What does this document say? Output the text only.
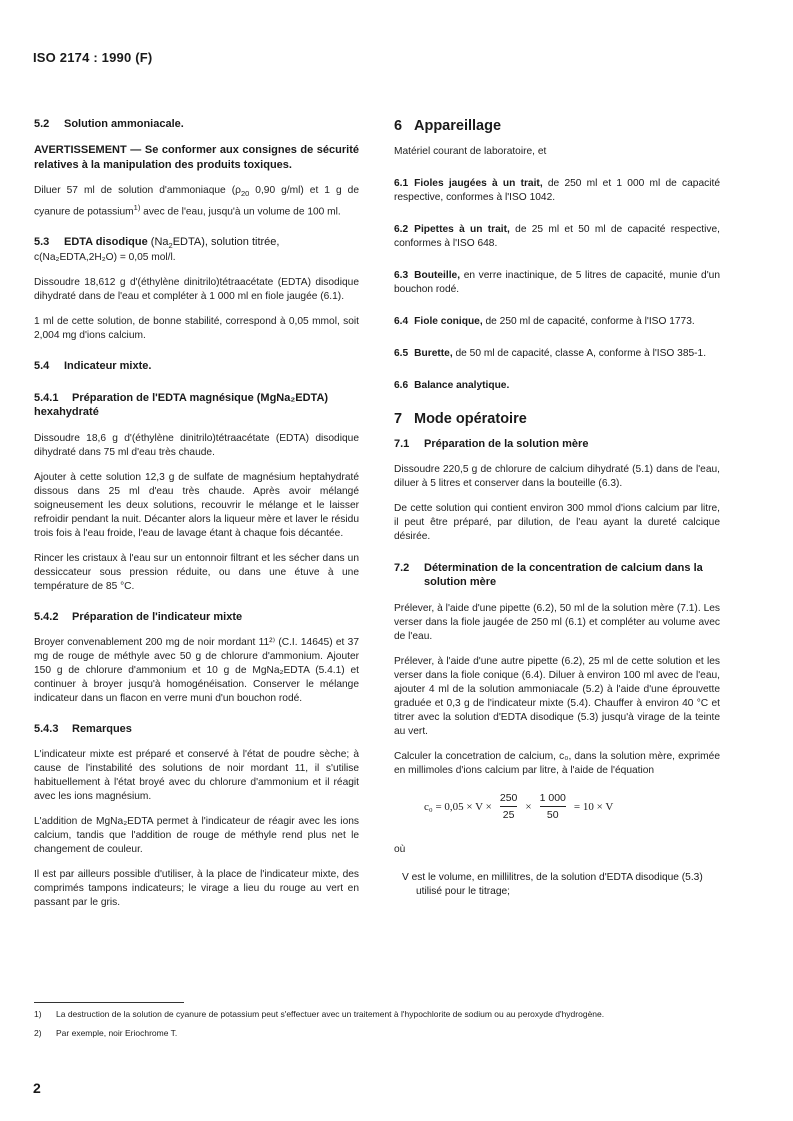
ISO 2174 : 1990 (F)
5.2 Solution ammoniacale.
AVERTISSEMENT — Se conformer aux consignes de sécurité relatives à la manipulation des produits toxiques.
Diluer 57 ml de solution d'ammoniaque ($\rho_{20}$ 0,90 g/ml) et 1 g de cyanure de potassium$^{1)}$ avec de l'eau, jusqu'à un volume de 100 ml.
5.3 EDTA disodique $(Na_2EDTA)$, solution titrée,
c(Na₂EDTA,2H₂O) = 0,05 mol/l.
Dissoudre 18,612 g d'(éthylène dinitrilo)tétraacétate (EDTA) disodique dihydraté dans de l'eau et compléter à 1 000 ml en fiole jaugée (6.1).
1 ml de cette solution, de bonne stabilité, correspond à 0,05 mmol, soit 2,004 mg d'ions calcium.
5.4 Indicateur mixte.
5.4.1 Préparation de l'EDTA magnésique (MgNa₂EDTA) hexahydraté
Dissoudre 18,6 g d'(éthylène dinitrilo)tétraacétate (EDTA) disodique dihydraté dans 75 ml d'eau très chaude.
Ajouter à cette solution 12,3 g de sulfate de magnésium heptahydraté dissous dans 25 ml d'eau très chaude. Après avoir mélangé soigneusement les deux solutions, recouvrir le mélange et le laisser refroidir pendant la nuit. Décanter alors la liqueur mère et laver le résidu trois fois à l'eau froide, l'eau de lavage étant à chaque fois décantée.
Rincer les cristaux à l'eau sur un entonnoir filtrant et les sécher dans un dessiccateur sous pression réduite, ou dans une étuve à une température de 85 °C.
5.4.2 Préparation de l'indicateur mixte
Broyer convenablement 200 mg de noir mordant 11²⁾ (C.I. 14645) et 37 mg de rouge de méthyle avec 50 g de chlorure d'ammonium. Ajouter 150 g de chlorure d'ammonium et 10 g de MgNa₂EDTA (5.4.1) et continuer à broyer jusqu'à homogénéisation. Conserver le mélange indicateur dans un flacon en verre muni d'un bouchon rodé.
5.4.3 Remarques
L'indicateur mixte est préparé et conservé à l'état de poudre sèche; à cause de l'instabilité des solutions de noir mordant 11, il s'utilise habituellement à l'état broyé avec du chlorure d'ammonium et il réagit avec les ions magnésium.
L'addition de MgNa₂EDTA permet à l'indicateur de réagir avec les ions calcium, tandis que l'addition de rouge de méthyle rend plus net le changement de couleur.
Il est par ailleurs possible d'utiliser, à la place de l'indicateur mixte, des comprimés tampons indicateurs; le virage a lieu du rouge au vert en passant par le gris.
6 Appareillage
Matériel courant de laboratoire, et
6.1 Fioles jaugées à un trait, de 250 ml et 1 000 ml de capacité respective, conformes à l'ISO 1042.
6.2 Pipettes à un trait, de 25 ml et 50 ml de capacité respective, conformes à l'ISO 648.
6.3 Bouteille, en verre inactinique, de 5 litres de capacité, munie d'un bouchon rodé.
6.4 Fiole conique, de 250 ml de capacité, conforme à l'ISO 1773.
6.5 Burette, de 50 ml de capacité, classe A, conforme à l'ISO 385-1.
6.6 Balance analytique.
7 Mode opératoire
7.1 Préparation de la solution mère
Dissoudre 220,5 g de chlorure de calcium dihydraté (5.1) dans de l'eau, diluer à 5 litres et conserver dans la bouteille (6.3).
De cette solution qui contient environ 300 mmol d'ions calcium par litre, il peut être préparé, par dilution, de l'eau ayant la dureté calcique désirée.
7.2 Détermination de la concentration de calcium dans la solution mère
Prélever, à l'aide d'une pipette (6.2), 50 ml de la solution mère (7.1). Les verser dans la fiole jaugée de 250 ml (6.1) et compléter au volume avec de l'eau.
Prélever, à l'aide d'une autre pipette (6.2), 25 ml de cette solution et les verser dans la fiole conique (6.4). Diluer à environ 100 ml avec de l'eau, ajouter 4 ml de la solution ammoniacale (5.2) à l'aide d'une éprouvette graduée et 0,3 g de l'indicateur mixte (5.4). Chauffer à environ 40 °C et titrer avec la solution d'EDTA disodique (5.3) jusqu'à virage de la teinte au vert.
Calculer la concetration de calcium, c₀, dans la solution mère, exprimée en millimoles d'ions calcium par litre, à l'aide de l'équation
$c_0 = 0,05 \times V \times \frac{250}{25} \times \frac{1 000}{50} = 10 \times V$
où
V est le volume, en millilitres, de la solution d'EDTA disodique (5.3) utilisé pour le titrage;
1) La destruction de la solution de cyanure de potassium peut s'effectuer avec un traitement à l'hypochlorite de sodium ou au peroxyde d'hydrogène.
2) Par exemple, noir Eriochrome T.
2
